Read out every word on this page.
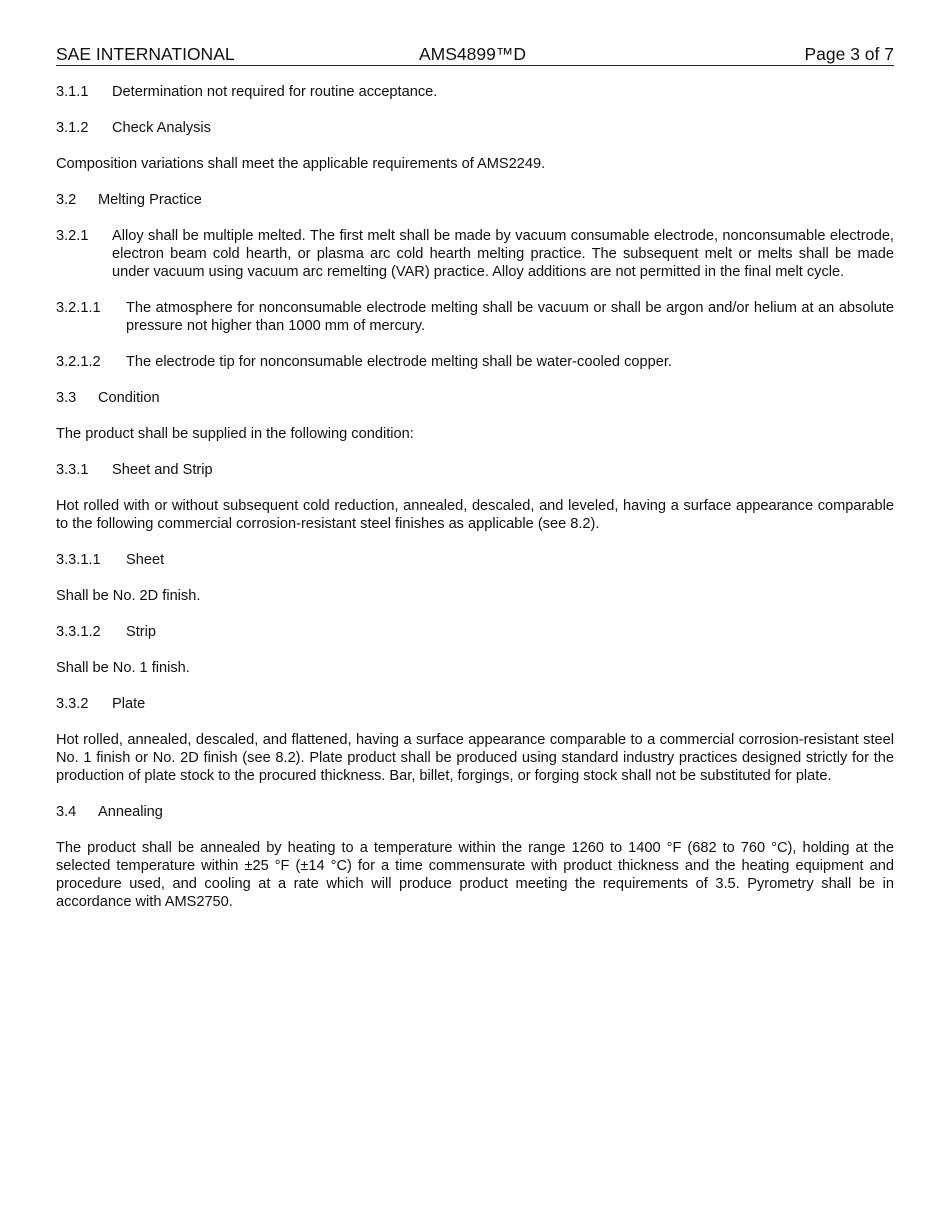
SAE INTERNATIONAL	AMS4899™D	Page 3 of 7
3.1.1	Determination not required for routine acceptance.
3.1.2	Check Analysis
Composition variations shall meet the applicable requirements of AMS2249.
3.2	Melting Practice
3.2.1	Alloy shall be multiple melted. The first melt shall be made by vacuum consumable electrode, nonconsumable electrode, electron beam cold hearth, or plasma arc cold hearth melting practice. The subsequent melt or melts shall be made under vacuum using vacuum arc remelting (VAR) practice. Alloy additions are not permitted in the final melt cycle.
3.2.1.1	The atmosphere for nonconsumable electrode melting shall be vacuum or shall be argon and/or helium at an absolute pressure not higher than 1000 mm of mercury.
3.2.1.2	The electrode tip for nonconsumable electrode melting shall be water-cooled copper.
3.3	Condition
The product shall be supplied in the following condition:
3.3.1	Sheet and Strip
Hot rolled with or without subsequent cold reduction, annealed, descaled, and leveled, having a surface appearance comparable to the following commercial corrosion-resistant steel finishes as applicable (see 8.2).
3.3.1.1	Sheet
Shall be No. 2D finish.
3.3.1.2	Strip
Shall be No. 1 finish.
3.3.2	Plate
Hot rolled, annealed, descaled, and flattened, having a surface appearance comparable to a commercial corrosion-resistant steel No. 1 finish or No. 2D finish (see 8.2). Plate product shall be produced using standard industry practices designed strictly for the production of plate stock to the procured thickness. Bar, billet, forgings, or forging stock shall not be substituted for plate.
3.4	Annealing
The product shall be annealed by heating to a temperature within the range 1260 to 1400 °F (682 to 760 °C), holding at the selected temperature within ±25 °F (±14 °C) for a time commensurate with product thickness and the heating equipment and procedure used, and cooling at a rate which will produce product meeting the requirements of 3.5. Pyrometry shall be in accordance with AMS2750.
